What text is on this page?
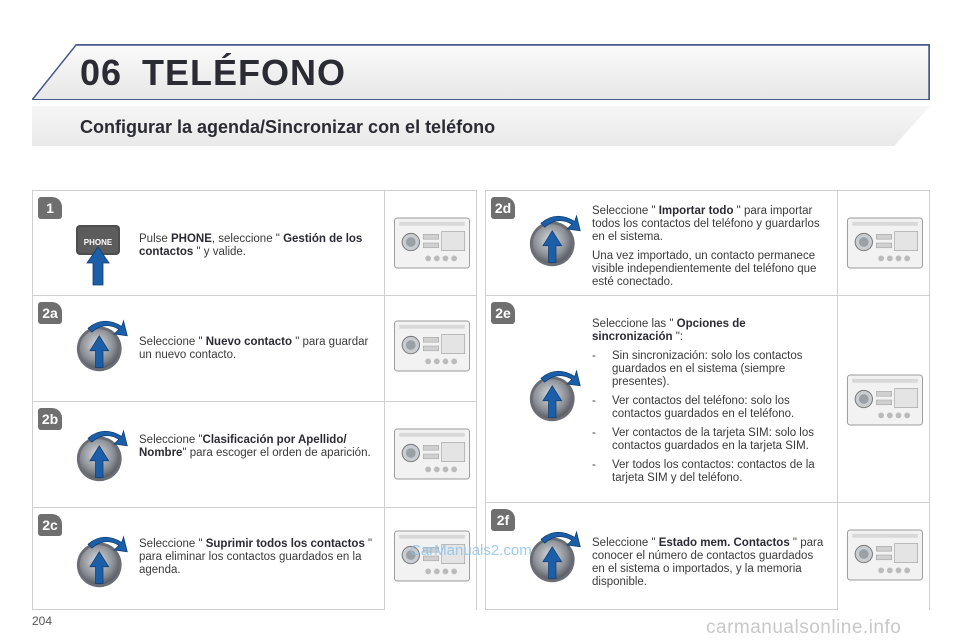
06 TELÉFONO
Configurar la agenda/Sincronizar con el teléfono
1
PHONE Pulse PHONE, seleccione " Gestión de los contactos " y valide.
2a
Seleccione " Nuevo contacto " para guardar un nuevo contacto.
2b
Seleccione "Clasificación por Apellido/ Nombre" para escoger el orden de aparición.
2c
Seleccione " Suprimir todos los contactos " para eliminar los contactos guardados en la agenda.
2d	Seleccione " Importar todo " para importar todos los contactos del teléfono y guardarlos en el sistema.

Una vez importado, un contacto permanece visible independientemente del teléfono que esté conectado.

2e

Seleccione las " Opciones de sincronización ":

-	Sin sincronización: solo los contactos guardados en el sistema (siempre presentes).
-	Ver contactos del teléfono: solo los contactos guardados en el teléfono.
-	Ver contactos de la tarjeta SIM: solo los contactos guardados en la tarjeta SIM.
-	Ver todos los contactos: contactos de la tarjeta SIM y del teléfono.
2f
Seleccione " Estado mem. Contactos " para conocer el número de contactos guardados en el sistema o importados, y la memoria disponible.
CarManuals2.com
204	carmanualsonline.info
